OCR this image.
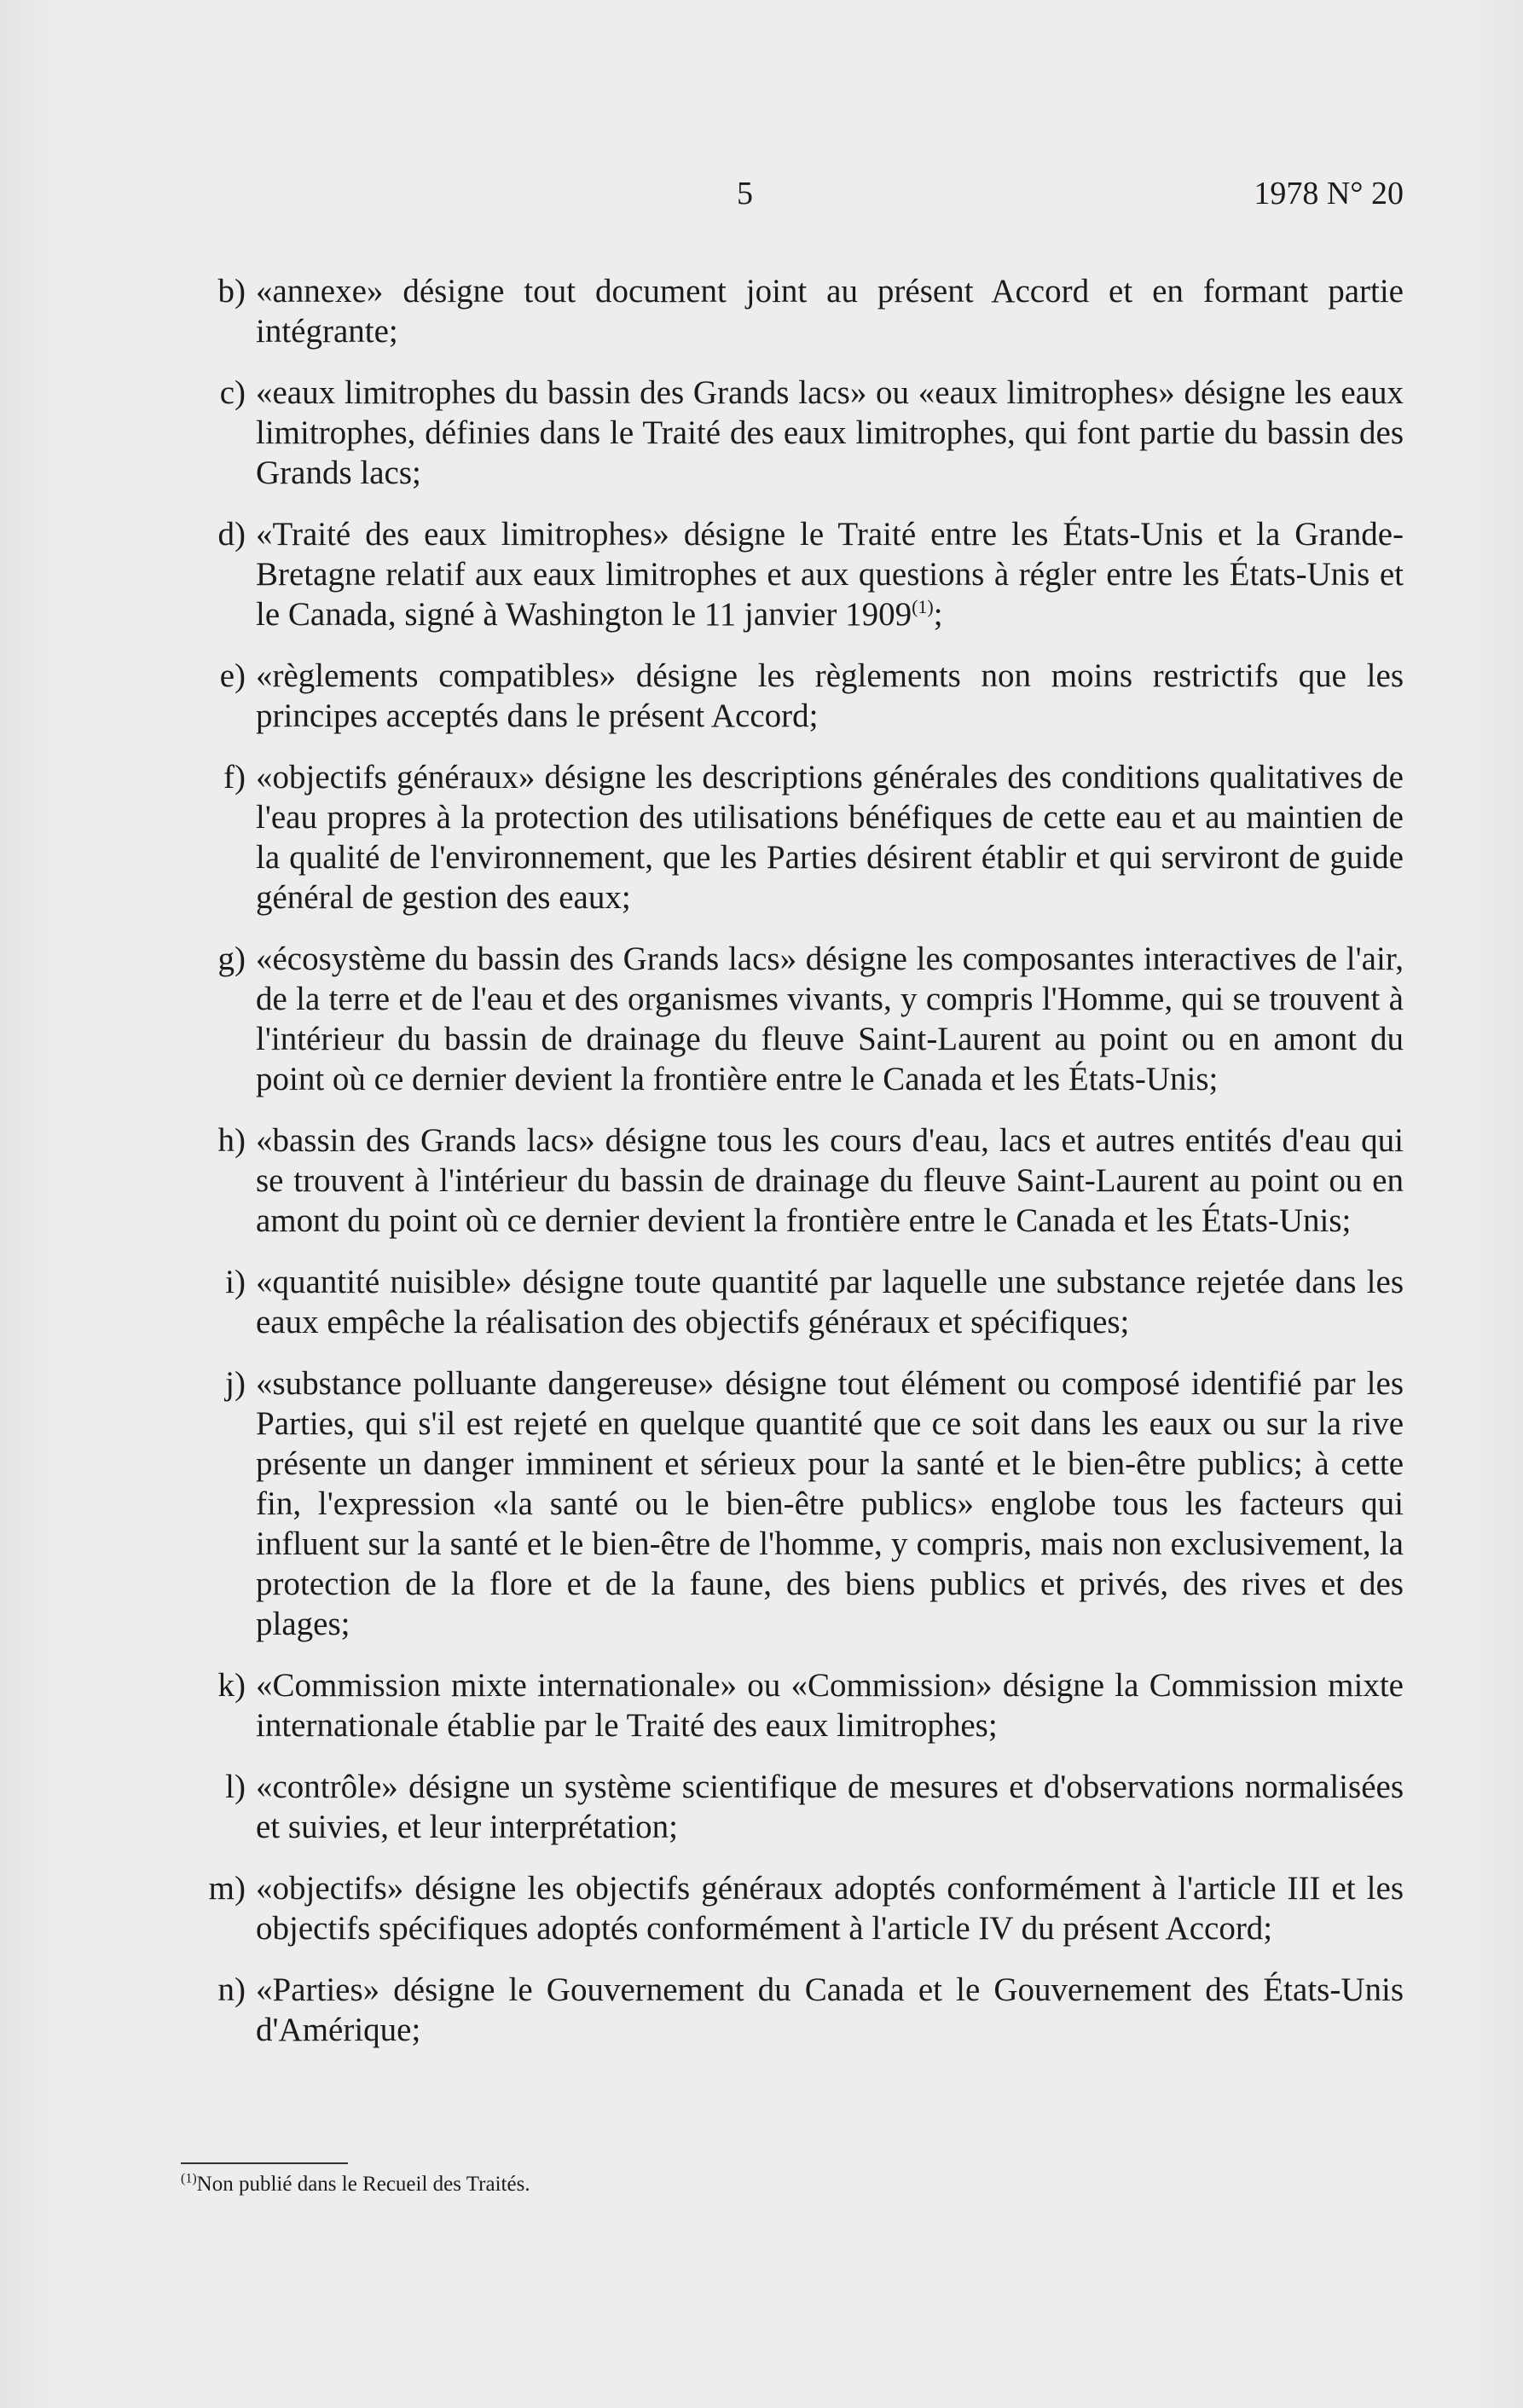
5	1978 N° 20
b) «annexe» désigne tout document joint au présent Accord et en formant partie intégrante;
c) «eaux limitrophes du bassin des Grands lacs» ou «eaux limitrophes» désigne les eaux limitrophes, définies dans le Traité des eaux limitrophes, qui font partie du bassin des Grands lacs;
d) «Traité des eaux limitrophes» désigne le Traité entre les États-Unis et la Grande-Bretagne relatif aux eaux limitrophes et aux questions à régler entre les États-Unis et le Canada, signé à Washington le 11 janvier 1909$^{(1)}$;
e) «règlements compatibles» désigne les règlements non moins restrictifs que les principes acceptés dans le présent Accord;
f) «objectifs généraux» désigne les descriptions générales des conditions qualitatives de l'eau propres à la protection des utilisations bénéfiques de cette eau et au maintien de la qualité de l'environnement, que les Parties désirent établir et qui serviront de guide général de gestion des eaux;
g) «écosystème du bassin des Grands lacs» désigne les composantes interactives de l'air, de la terre et de l'eau et des organismes vivants, y compris l'Homme, qui se trouvent à l'intérieur du bassin de drainage du fleuve Saint-Laurent au point ou en amont du point où ce dernier devient la frontière entre le Canada et les États-Unis;
h) «bassin des Grands lacs» désigne tous les cours d'eau, lacs et autres entités d'eau qui se trouvent à l'intérieur du bassin de drainage du fleuve Saint-Laurent au point ou en amont du point où ce dernier devient la frontière entre le Canada et les États-Unis;
i) «quantité nuisible» désigne toute quantité par laquelle une substance rejetée dans les eaux empêche la réalisation des objectifs généraux et spécifiques;
j) «substance polluante dangereuse» désigne tout élément ou composé identifié par les Parties, qui s'il est rejeté en quelque quantité que ce soit dans les eaux ou sur la rive présente un danger imminent et sérieux pour la santé et le bien-être publics; à cette fin, l'expression «la santé ou le bien-être publics» englobe tous les facteurs qui influent sur la santé et le bien-être de l'homme, y compris, mais non exclusivement, la protection de la flore et de la faune, des biens publics et privés, des rives et des plages;
k) «Commission mixte internationale» ou «Commission» désigne la Commission mixte internationale établie par le Traité des eaux limitrophes;
l) «contrôle» désigne un système scientifique de mesures et d'observations normalisées et suivies, et leur interprétation;
m) «objectifs» désigne les objectifs généraux adoptés conformément à l'article III et les objectifs spécifiques adoptés conformément à l'article IV du présent Accord;
n) «Parties» désigne le Gouvernement du Canada et le Gouvernement des États-Unis d'Amérique;
$^{(1)}$Non publié dans le Recueil des Traités.
